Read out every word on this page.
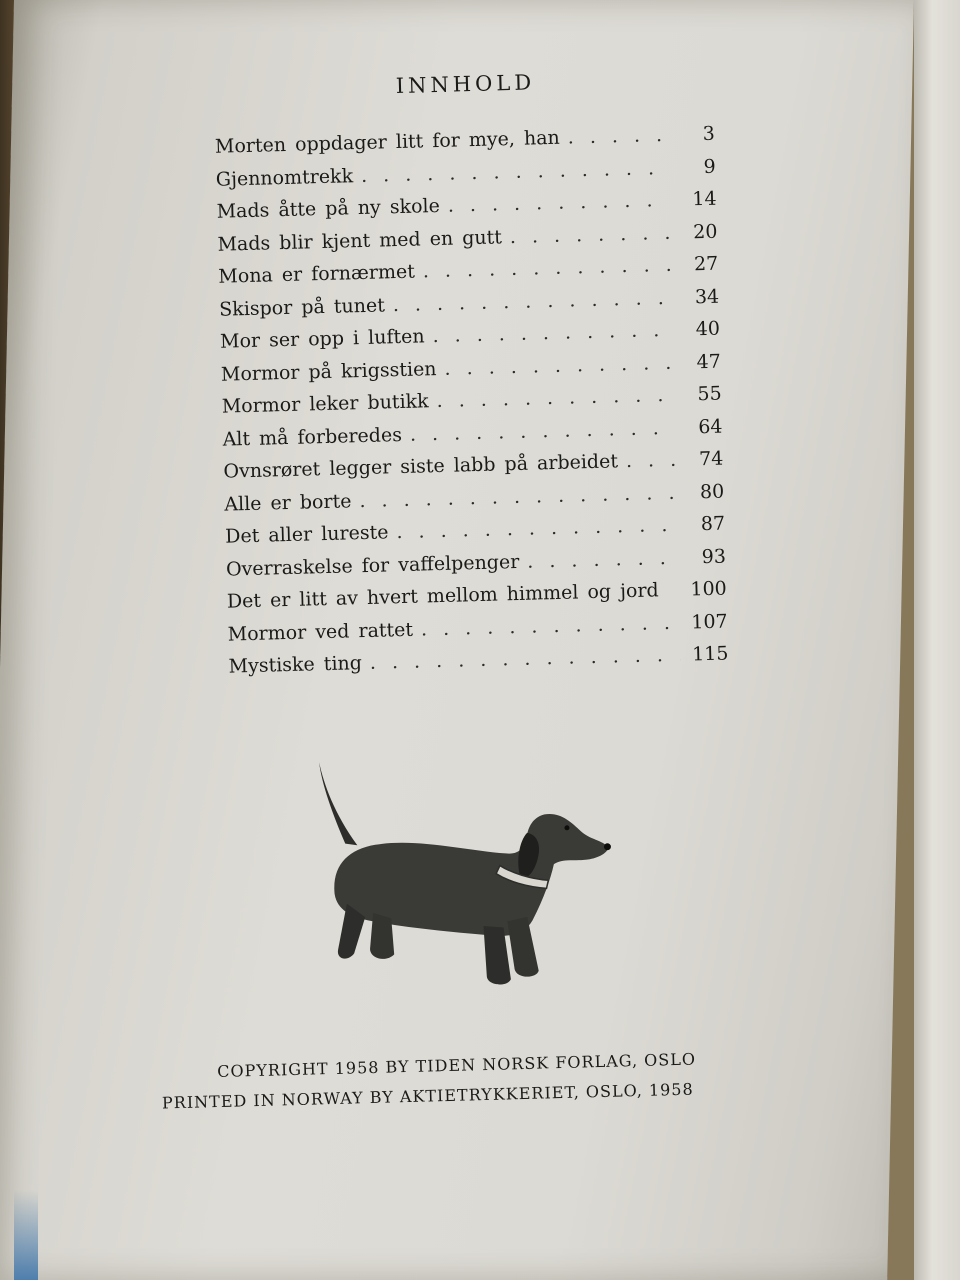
INNHOLD
Morten oppdager litt for mye, han . . .	3
Gjennomtrekk . . .	9
Mads åtte på ny skole . . .	14
Mads blir kjent med en gutt . . .	20
Mona er fornærmet . . .	27
Skispor på tunet . . .	34
Mor ser opp i luften . . .	40
Mormor på krigsstien . . .	47
Mormor leker butikk . . .	55
Alt må forberedes . . .	64
Ovnsrøret legger siste labb på arbeidet . . .	74
Alle er borte . . .	80
Det aller lureste . . .	87
Overraskelse for vaffelpenger . . .	93
Det er litt av hvert mellom himmel og jord	100
Mormor ved rattet . . .	107
Mystiske ting . . .	115
COPYRIGHT 1958 BY TIDEN NORSK FORLAG, OSLO
PRINTED IN NORWAY BY AKTIETRYKKERIET, OSLO, 1958
